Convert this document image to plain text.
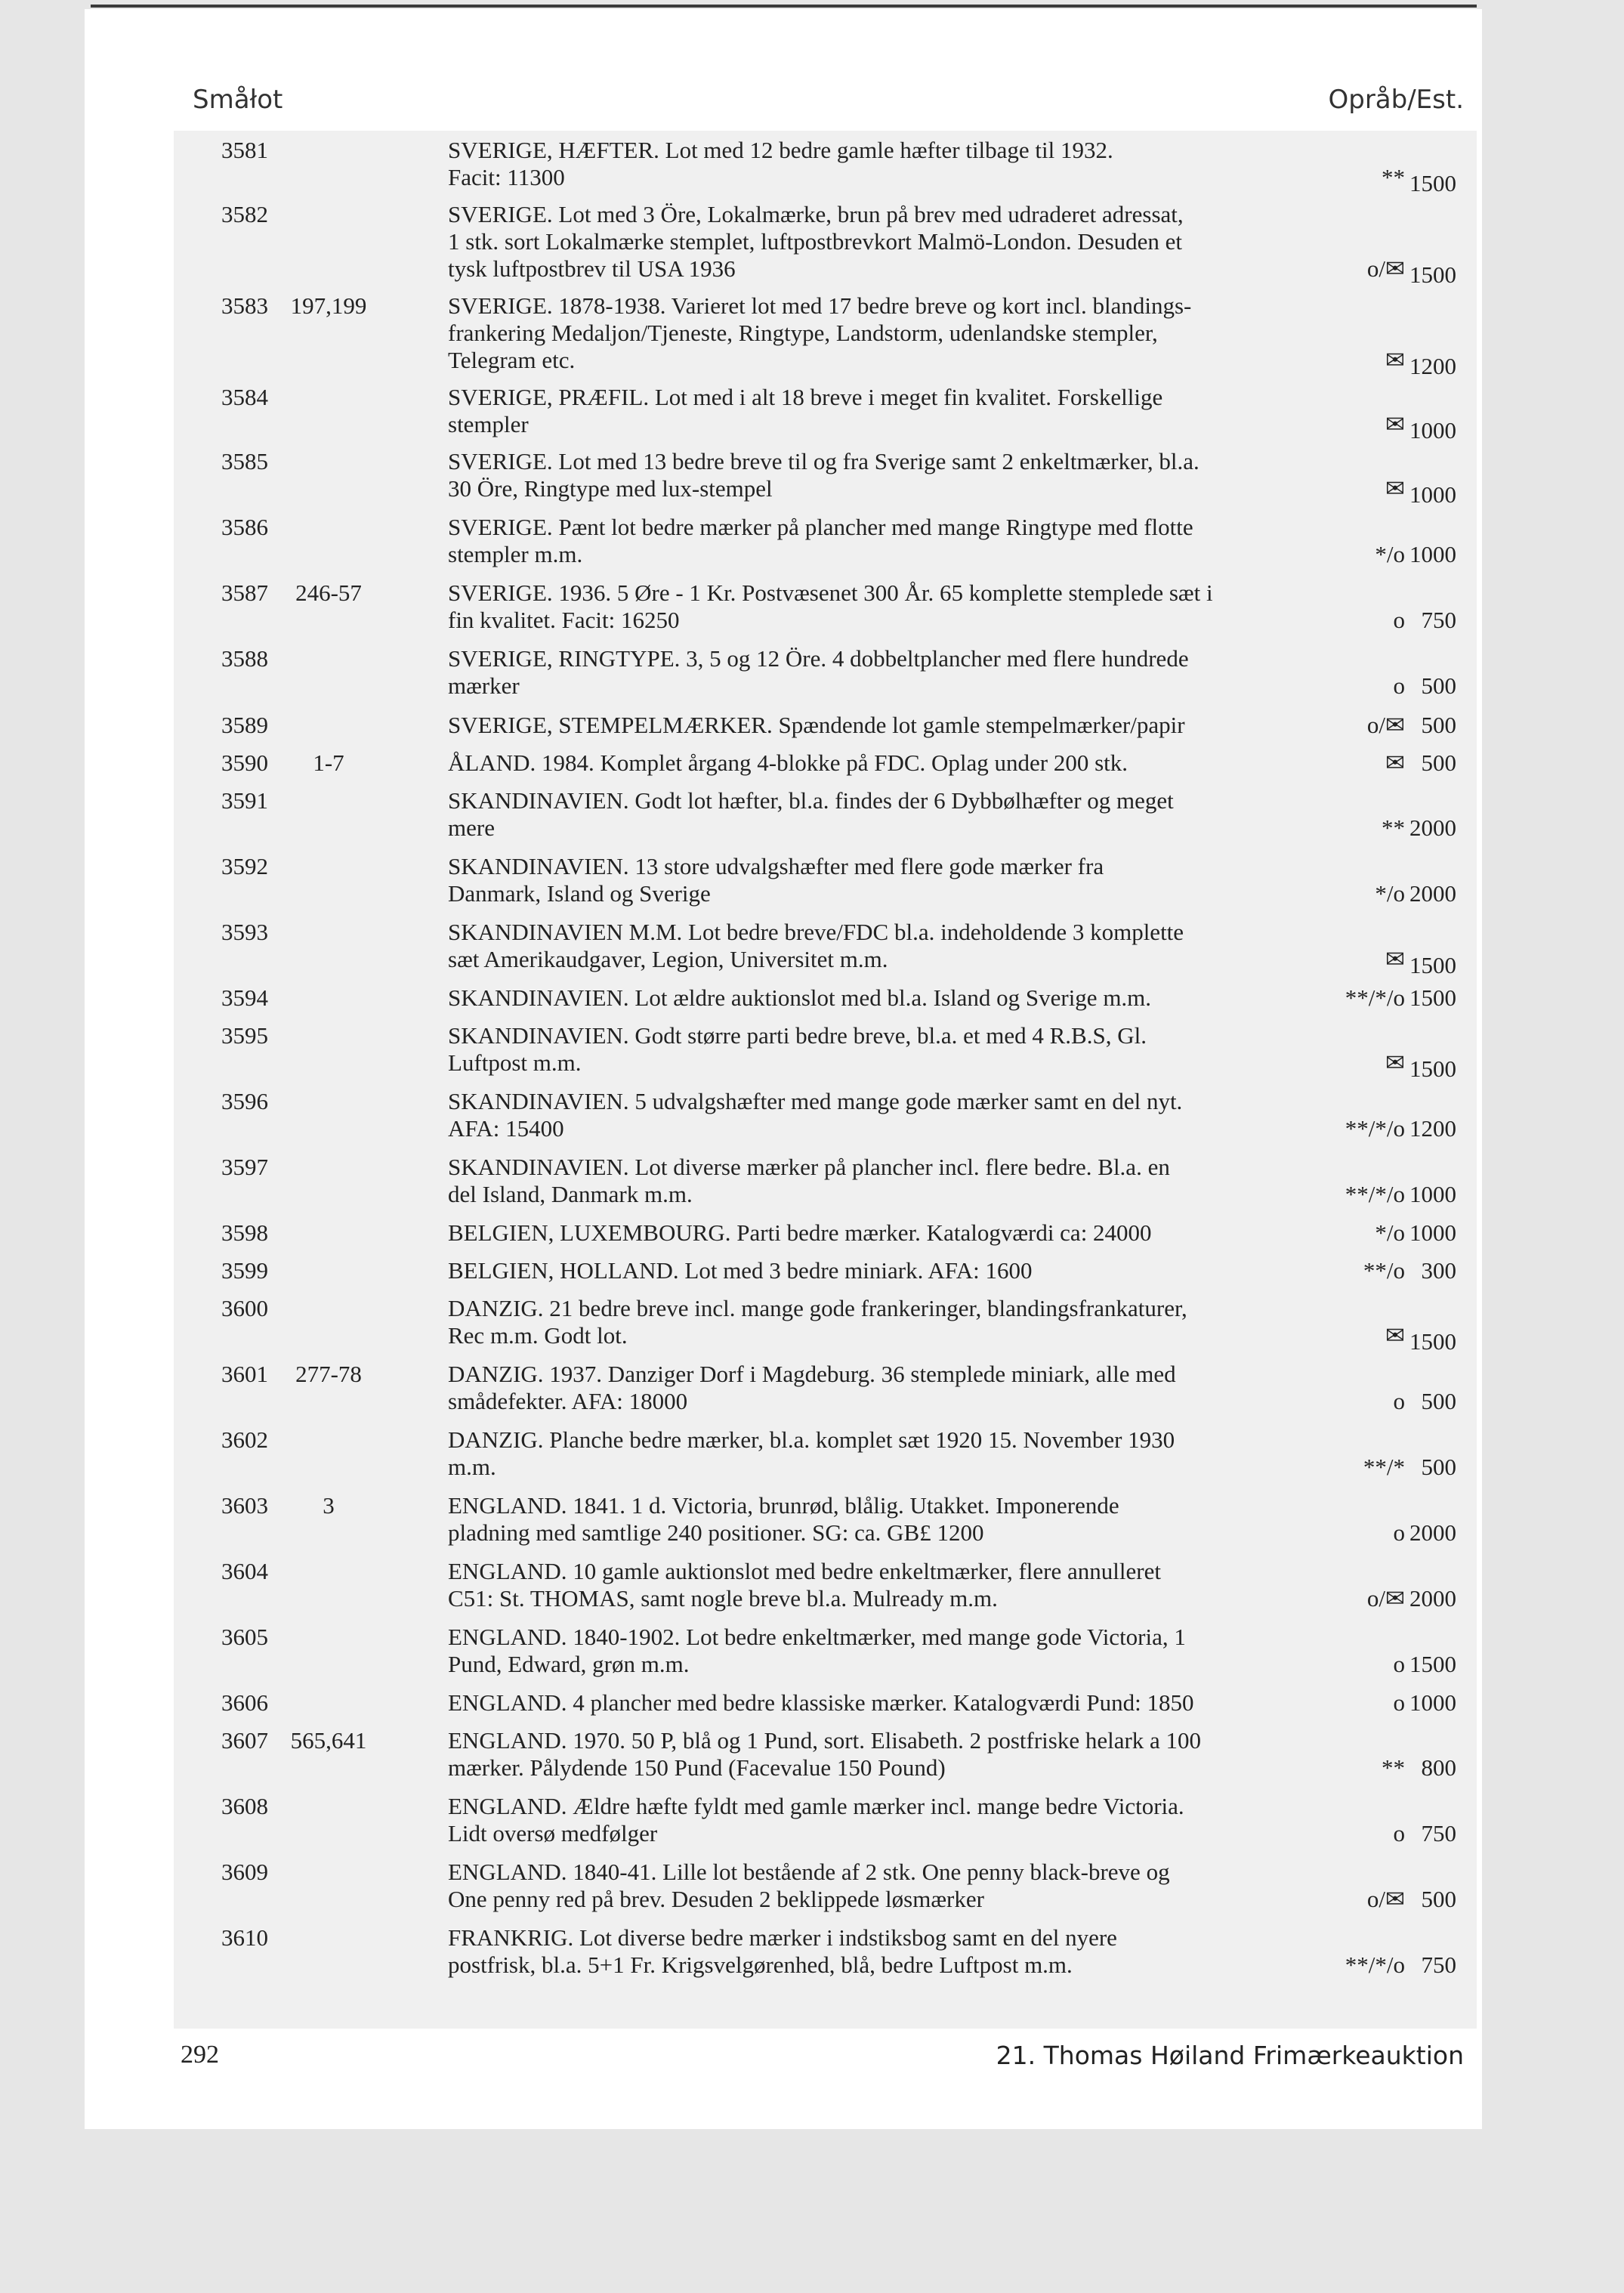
Småłot	Opråb/Est.
3581	SVERIGE, HÆFTER. Lot med 12 bedre gamle hæfter tilbage til 1932.
Facit: 11300	** 1500
3582	SVERIGE. Lot med 3 Öre, Lokalmærke, brun på brev med udraderet adressat,
1 stk. sort Lokalmærke stemplet, luftpostbrevkort Malmö-London. Desuden et
tysk luftpostbrev til USA 1936	o/✉ 1500
3583 197,199	SVERIGE. 1878-1938. Varieret lot med 17 bedre breve og kort incl. blandings-
frankering Medaljon/Tjeneste, Ringtype, Landstorm, udenlandske stempler,
Telegram etc.	✉ 1200
3584	SVERIGE, PRÆFIL. Lot med i alt 18 breve i meget fin kvalitet. Forskellige
stempler	✉ 1000
3585	SVERIGE. Lot med 13 bedre breve til og fra Sverige samt 2 enkeltmærker, bl.a.
30 Öre, Ringtype med lux-stempel	✉ 1000
3586	SVERIGE. Pænt lot bedre mærker på plancher med mange Ringtype med flotte
stempler m.m.	*/o 1000
3587	246-57	SVERIGE. 1936. 5 Øre - 1 Kr. Postvæsenet 300 År. 65 komplette stemplede sæt i
fin kvalitet. Facit: 16250	o 750
3588	SVERIGE, RINGTYPE. 3, 5 og 12 Öre. 4 dobbeltplancher med flere hundrede
mærker	o 500
3589	SVERIGE, STEMPELMÆRKER. Spændende lot gamle stempelmærker/papir	o/✉ 500
3590	1-7	ÅLAND. 1984. Komplet årgang 4-blokke på FDC. Oplag under 200 stk.	✉ 500
3591	SKANDINAVIEN. Godt lot hæfter, bl.a. findes der 6 Dybbølhæfter og meget
mere	** 2000
3592	SKANDINAVIEN. 13 store udvalgshæfter med flere gode mærker fra
Danmark, Island og Sverige	*/o 2000
3593	SKANDINAVIEN M.M. Lot bedre breve/FDC bl.a. indeholdende 3 komplette
sæt Amerikaudgaver, Legion, Universitet m.m.	✉ 1500
3594	SKANDINAVIEN. Lot ældre auktionslot med bl.a. Island og Sverige m.m.	**/*/o 1500
3595	SKANDINAVIEN. Godt større parti bedre breve, bl.a. et med 4 R.B.S, Gl.
Luftpost m.m.	✉ 1500
3596	SKANDINAVIEN. 5 udvalgshæfter med mange gode mærker samt en del nyt.
AFA: 15400	**/*/o 1200
3597	SKANDINAVIEN. Lot diverse mærker på plancher incl. flere bedre. Bl.a. en
del Island, Danmark m.m.	**/*/o 1000
3598	BELGIEN, LUXEMBOURG. Parti bedre mærker. Katalogværdi ca: 24000	*/o 1000
3599	BELGIEN, HOLLAND. Lot med 3 bedre miniark. AFA: 1600	**/o 300
3600	DANZIG. 21 bedre breve incl. mange gode frankeringer, blandingsfrankaturer,
Rec m.m. Godt lot.	✉ 1500
3601	277-78	DANZIG. 1937. Danziger Dorf i Magdeburg. 36 stemplede miniark, alle med
smådefekter. AFA: 18000	o 500
3602	DANZIG. Planche bedre mærker, bl.a. komplet sæt 1920 15. November 1930
m.m.	**/* 500
3603	3	ENGLAND. 1841. 1 d. Victoria, brunrød, blålig. Utakket. Imponerende
pladning med samtlige 240 positioner. SG: ca. GB£ 1200	o 2000
3604	ENGLAND. 10 gamle auktionslot med bedre enkeltmærker, flere annulleret
C51: St. THOMAS, samt nogle breve bl.a. Mulready m.m.	o/✉ 2000
3605	ENGLAND. 1840-1902. Lot bedre enkeltmærker, med mange gode Victoria, 1
Pund, Edward, grøn m.m.	o 1500
3606	ENGLAND. 4 plancher med bedre klassiske mærker. Katalogværdi Pund: 1850	o 1000
3607 565,641	ENGLAND. 1970. 50 P, blå og 1 Pund, sort. Elisabeth. 2 postfriske helark a 100
mærker. Pålydende 150 Pund (Facevalue 150 Pound)	** 800
3608	ENGLAND. Ældre hæfte fyldt med gamle mærker incl. mange bedre Victoria.
Lidt oversø medfølger	o 750
3609	ENGLAND. 1840-41. Lille lot bestående af 2 stk. One penny black-breve og
One penny red på brev. Desuden 2 beklippede løsmærker	o/✉ 500
3610	FRANKRIG. Lot diverse bedre mærker i indstiksbog samt en del nyere
postfrisk, bl.a. 5+1 Fr. Krigsvelgørenhed, blå, bedre Luftpost m.m.	**/*/o 750
292	21. Thomas Høiland Frimærkeauktion
